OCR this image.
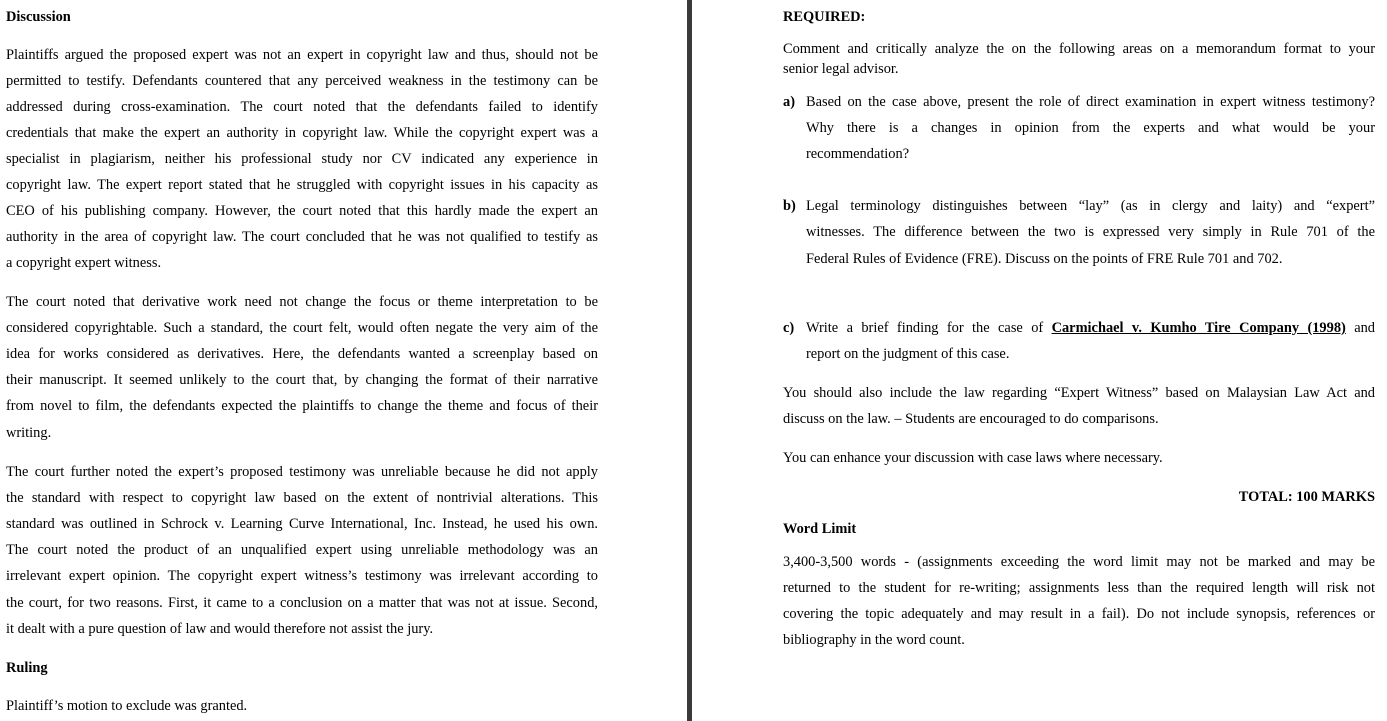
Discussion
Plaintiffs argued the proposed expert was not an expert in copyright law and thus, should not be
permitted to testify. Defendants countered that any perceived weakness in the testimony can be
addressed during cross-examination. The court noted that the defendants failed to identify
credentials that make the expert an authority in copyright law. While the copyright expert was a
specialist in plagiarism, neither his professional study nor CV indicated any experience in
copyright law. The expert report stated that he struggled with copyright issues in his capacity as
CEO of his publishing company. However, the court noted that this hardly made the expert an
authority in the area of copyright law. The court concluded that he was not qualified to testify as
a copyright expert witness.
The court noted that derivative work need not change the focus or theme interpretation to be
considered copyrightable. Such a standard, the court felt, would often negate the very aim of the
idea for works considered as derivatives. Here, the defendants wanted a screenplay based on
their manuscript. It seemed unlikely to the court that, by changing the format of their narrative
from novel to film, the defendants expected the plaintiffs to change the theme and focus of their
writing.
The court further noted the expert’s proposed testimony was unreliable because he did not apply
the standard with respect to copyright law based on the extent of nontrivial alterations. This
standard was outlined in Schrock v. Learning Curve International, Inc. Instead, he used his own.
The court noted the product of an unqualified expert using unreliable methodology was an
irrelevant expert opinion. The copyright expert witness’s testimony was irrelevant according to
the court, for two reasons. First, it came to a conclusion on a matter that was not at issue. Second,
it dealt with a pure question of law and would therefore not assist the jury.
Ruling
Plaintiff’s motion to exclude was granted.
REQUIRED:
Comment and critically analyze the on the following areas on a memorandum format to your
senior legal advisor.
a) Based on the case above, present the role of direct examination in expert witness testimony?
Why there is a changes in opinion from the experts and what would be your
recommendation?
b) Legal terminology distinguishes between “lay” (as in clergy and laity) and “expert”
witnesses. The difference between the two is expressed very simply in Rule 701 of the
Federal Rules of Evidence (FRE). Discuss on the points of FRE Rule 701 and 702.
c) Write a brief finding for the case of Carmichael v. Kumho Tire Company (1998) and
report on the judgment of this case.
You should also include the law regarding “Expert Witness” based on Malaysian Law Act and
discuss on the law. – Students are encouraged to do comparisons.
You can enhance your discussion with case laws where necessary.
TOTAL: 100 MARKS
Word Limit
3,400-3,500 words - (assignments exceeding the word limit may not be marked and may be
returned to the student for re-writing; assignments less than the required length will risk not
covering the topic adequately and may result in a fail). Do not include synopsis, references or
bibliography in the word count.
